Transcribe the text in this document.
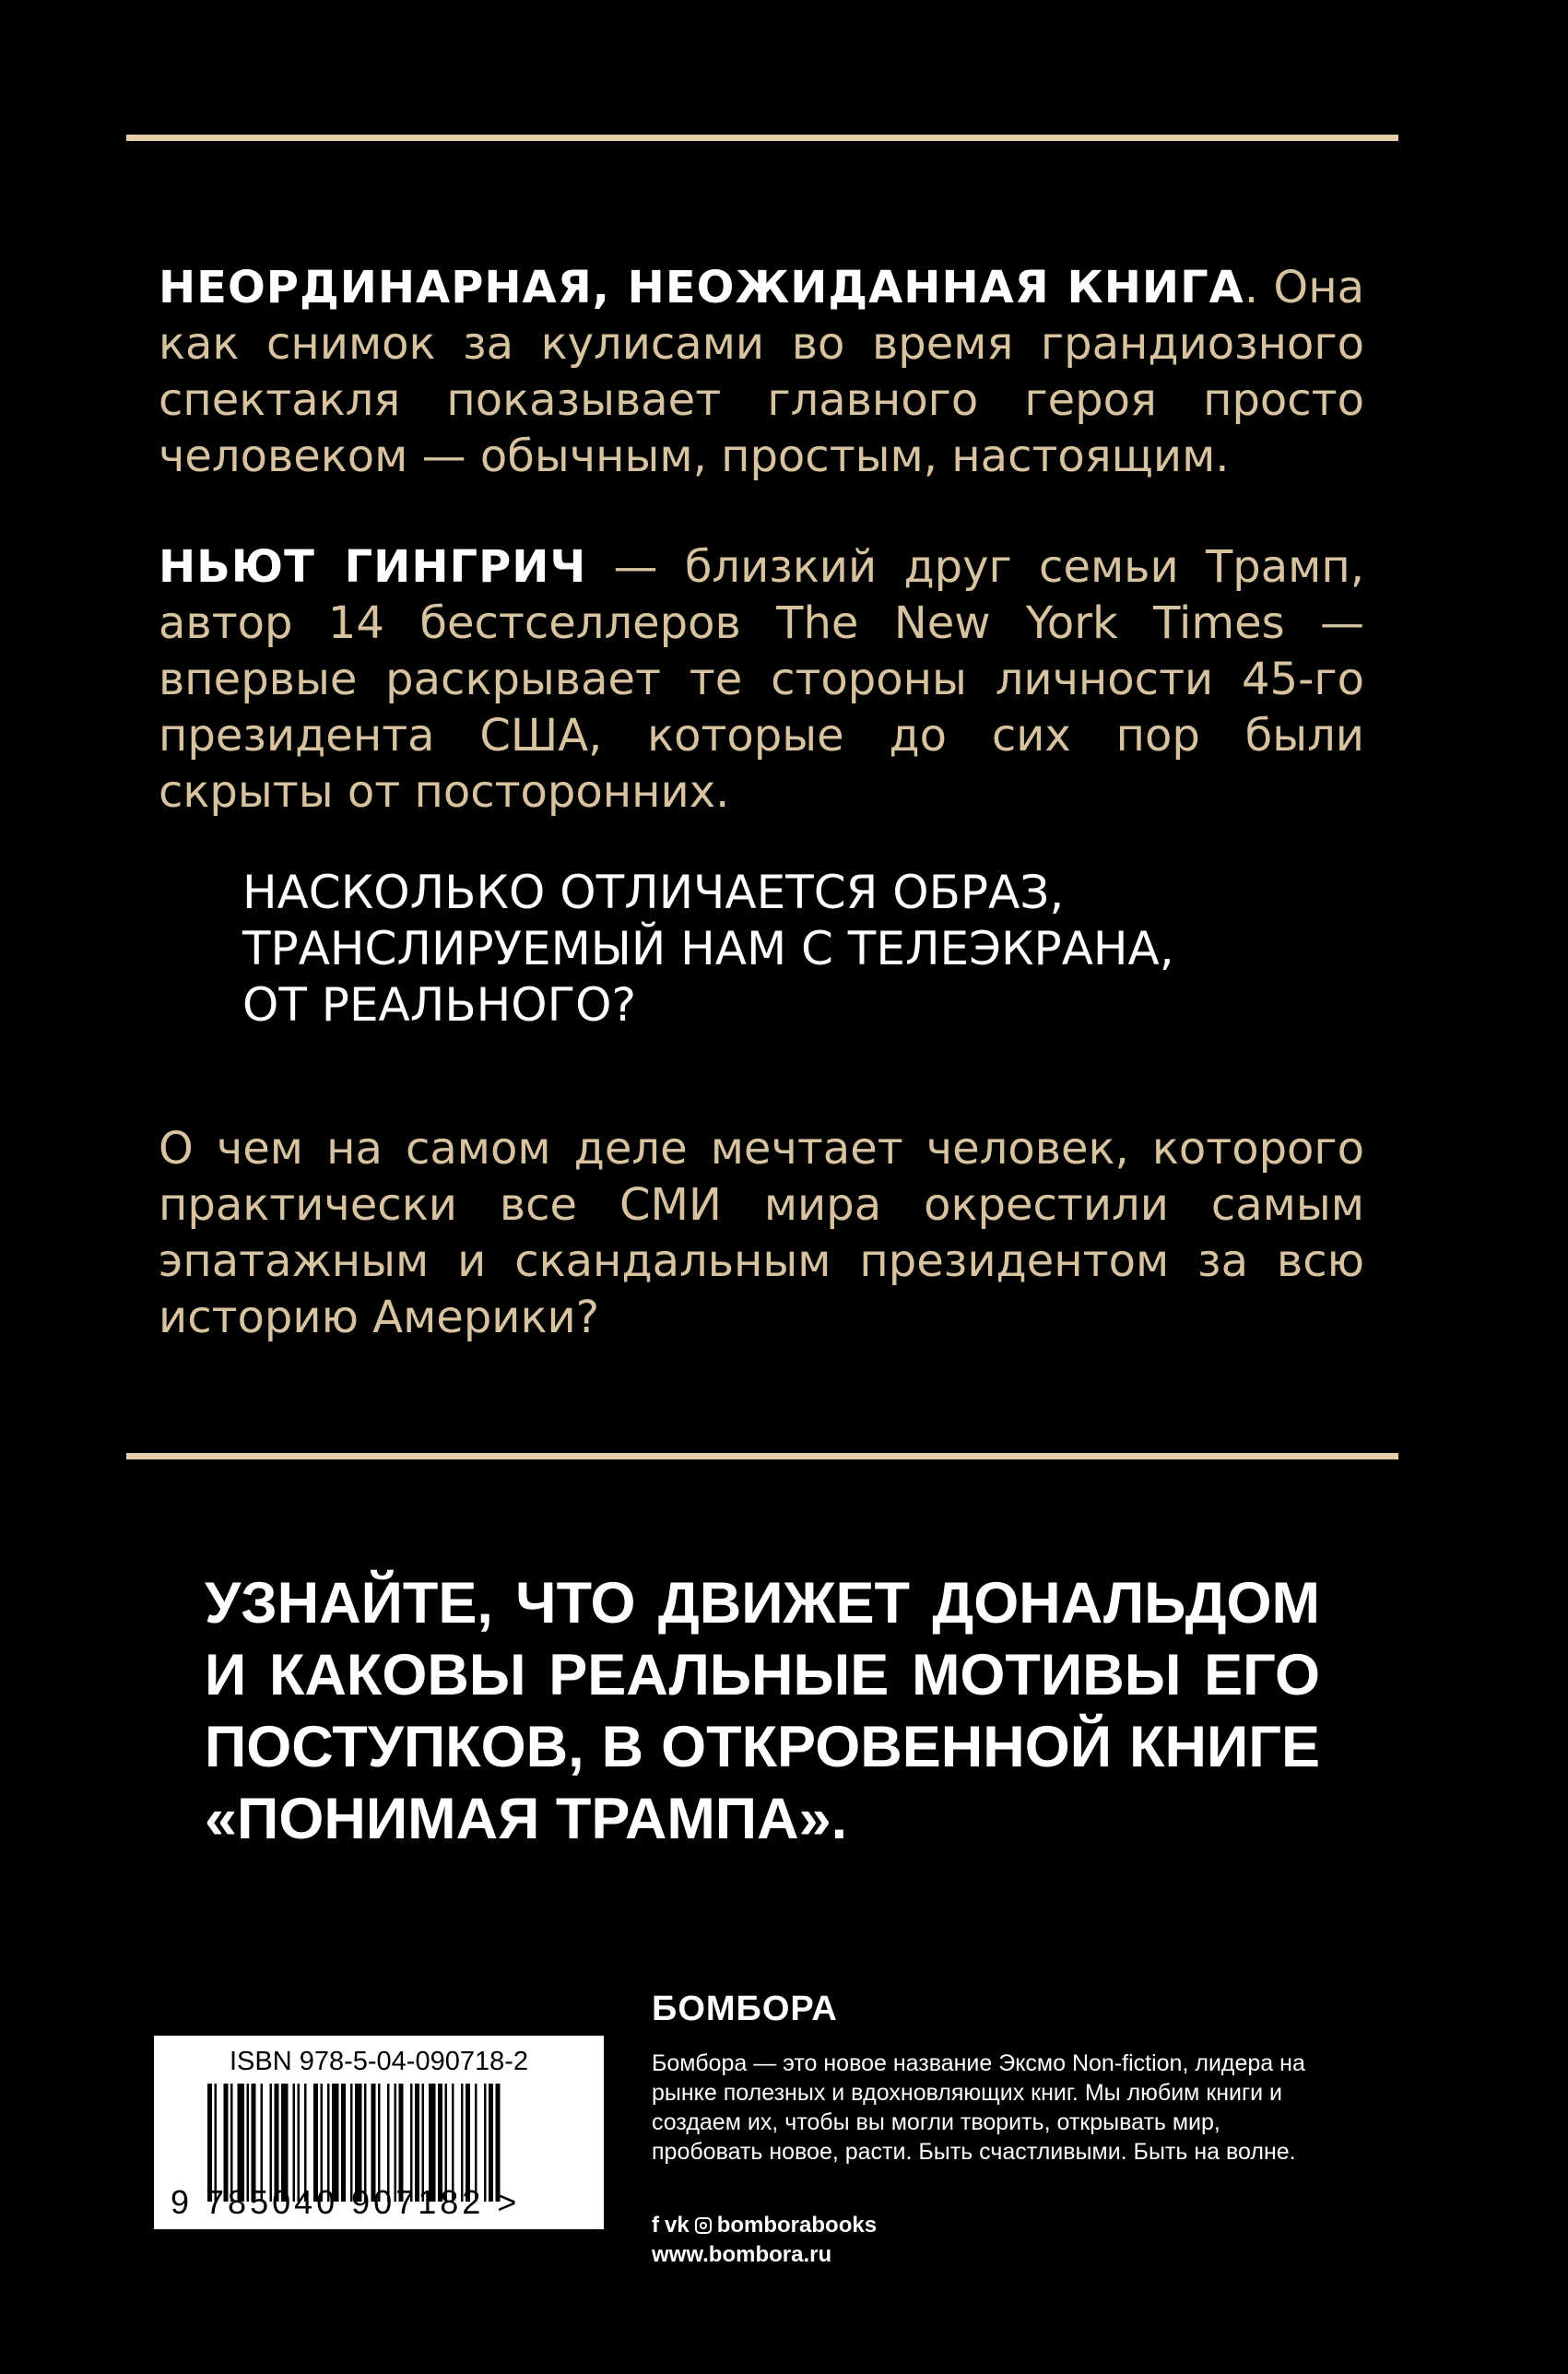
НЕОРДИНАРНАЯ, НЕОЖИДАННАЯ КНИГА. Она как снимок за кулисами во время грандиозного спектакля показывает главного героя просто человеком — обычным, простым, настоящим.

НЬЮТ ГИНГРИЧ — близкий друг семьи Трамп, автор 14 бестселлеров The New York Times — впервые раскрывает те стороны личности 45-го президента США, которые до сих пор были скрыты от посторонних.

НАСКОЛЬКО ОТЛИЧАЕТСЯ ОБРАЗ,
ТРАНСЛИРУЕМЫЙ НАМ С ТЕЛЕЭКРАНА,
ОТ РЕАЛЬНОГО?

О чем на самом деле мечтает человек, которого практически все СМИ мира окрестили самым эпатажным и скандальным президентом за всю историю Америки?

УЗНАЙТЕ, ЧТО ДВИЖЕТ ДОНАЛЬДОМ И КАКОВЫ РЕАЛЬНЫЕ МОТИВЫ ЕГО ПОСТУПКОВ, В ОТКРОВЕННОЙ КНИГЕ «ПОНИМАЯ ТРАМПА».

ISBN 978-5-04-090718-2
9 785040 907182 >
БОМБОРА

Бомбора — это новое название Эксмо Non-fiction, лидера на рынке полезных и вдохновляющих книг. Мы любим книги и создаем их, чтобы вы могли творить, открывать мир, пробовать новое, расти. Быть счастливыми. Быть на волне.

f vk bomborabooks
www.bombora.ru
